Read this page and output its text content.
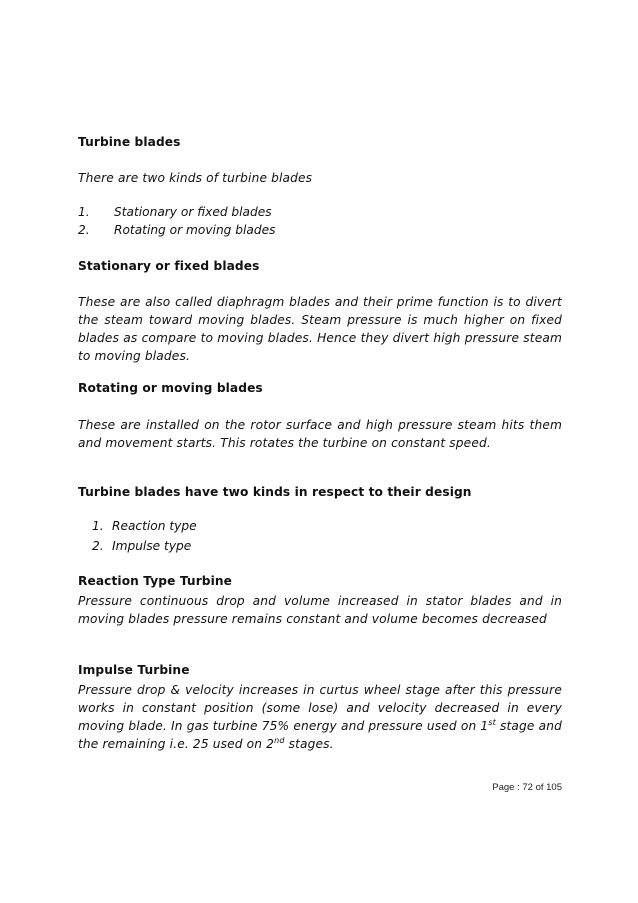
Turbine blades
There are two kinds of turbine blades
1. Stationary or fixed blades
2. Rotating or moving blades
Stationary or fixed blades
These are also called diaphragm blades and their prime function is to divert the steam toward moving blades. Steam pressure is much higher on fixed blades as compare to moving blades. Hence they divert high pressure steam to moving blades.
Rotating or moving blades
These are installed on the rotor surface and high pressure steam hits them and movement starts. This rotates the turbine on constant speed.
Turbine blades have two kinds in respect to their design
1. Reaction type
2. Impulse type
Reaction Type Turbine
Pressure continuous drop and volume increased in stator blades and in moving blades pressure remains constant and volume becomes decreased
Impulse Turbine
Pressure drop & velocity increases in curtus wheel stage after this pressure works in constant position (some lose) and velocity decreased in every moving blade. In gas turbine 75% energy and pressure used on 1st stage and the remaining i.e. 25 used on 2nd stages.
Page : 72 of 105
